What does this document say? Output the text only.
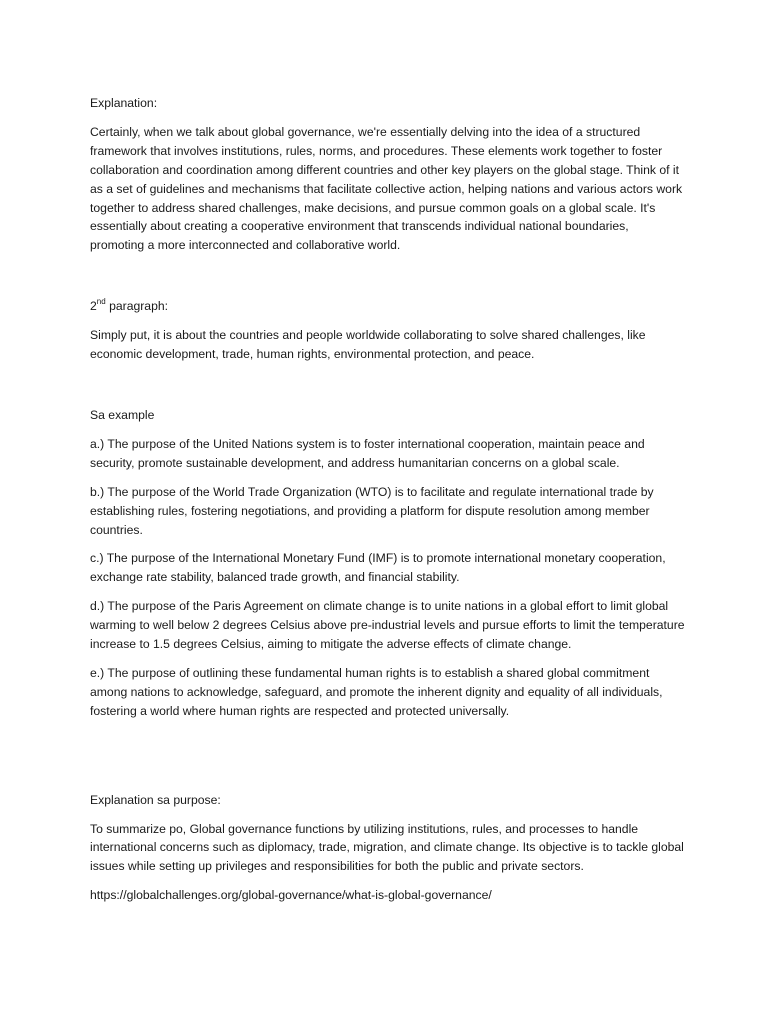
Explanation:

Certainly, when we talk about global governance, we're essentially delving into the idea of a structured framework that involves institutions, rules, norms, and procedures. These elements work together to foster collaboration and coordination among different countries and other key players on the global stage. Think of it as a set of guidelines and mechanisms that facilitate collective action, helping nations and various actors work together to address shared challenges, make decisions, and pursue common goals on a global scale. It's essentially about creating a cooperative environment that transcends individual national boundaries, promoting a more interconnected and collaborative world.

2nd paragraph:

Simply put, it is about the countries and people worldwide collaborating to solve shared challenges, like economic development, trade, human rights, environmental protection, and peace.

Sa example

a.) The purpose of the United Nations system is to foster international cooperation, maintain peace and security, promote sustainable development, and address humanitarian concerns on a global scale.

b.) The purpose of the World Trade Organization (WTO) is to facilitate and regulate international trade by establishing rules, fostering negotiations, and providing a platform for dispute resolution among member countries.

c.) The purpose of the International Monetary Fund (IMF) is to promote international monetary cooperation, exchange rate stability, balanced trade growth, and financial stability.

d.) The purpose of the Paris Agreement on climate change is to unite nations in a global effort to limit global warming to well below 2 degrees Celsius above pre-industrial levels and pursue efforts to limit the temperature increase to 1.5 degrees Celsius, aiming to mitigate the adverse effects of climate change.

e.) The purpose of outlining these fundamental human rights is to establish a shared global commitment among nations to acknowledge, safeguard, and promote the inherent dignity and equality of all individuals, fostering a world where human rights are respected and protected universally.

Explanation sa purpose:

To summarize po, Global governance functions by utilizing institutions, rules, and processes to handle international concerns such as diplomacy, trade, migration, and climate change. Its objective is to tackle global issues while setting up privileges and responsibilities for both the public and private sectors.

https://globalchallenges.org/global-governance/what-is-global-governance/
